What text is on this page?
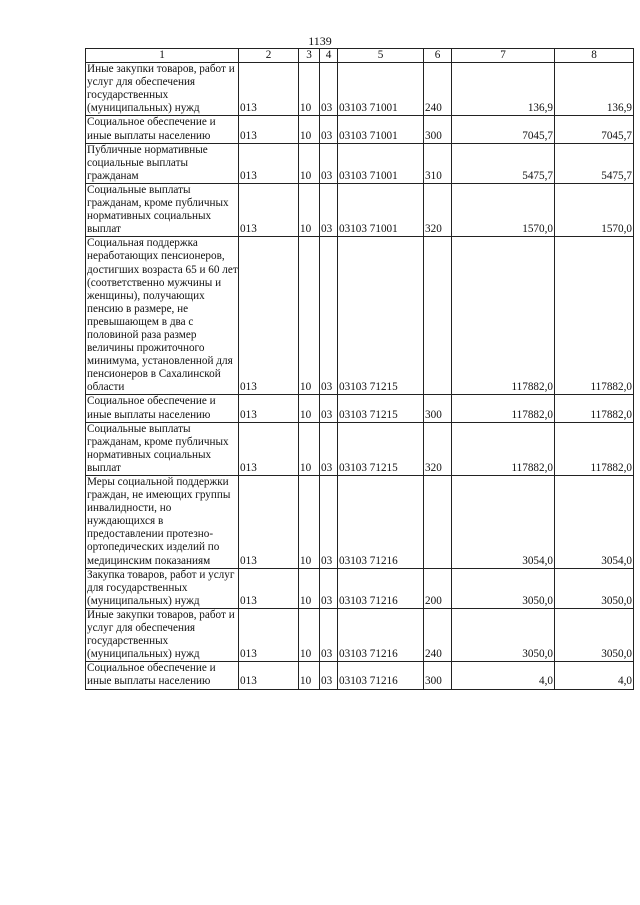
1139
1	2	3	4	5	6	7	8
Иные закупки товаров, работ и услуг для обеспечения государственных (муниципальных) нужд	013	10	03	03103 71001	240	136,9	136,9
Социальное обеспечение и иные выплаты населению	013	10	03	03103 71001	300	7045,7	7045,7
Публичные нормативные социальные выплаты гражданам	013	10	03	03103 71001	310	5475,7	5475,7
Социальные выплаты гражданам, кроме публичных нормативных социальных выплат	013	10	03	03103 71001	320	1570,0	1570,0
Социальная поддержка неработающих пенсионеров, достигших возраста 65 и 60 лет (соответственно мужчины и женщины), получающих пенсию в размере, не превышающем в два с половиной раза размер величины прожиточного минимума, установленной для пенсионеров в Сахалинской области	013	10	03	03103 71215		117882,0	117882,0
Социальное обеспечение и иные выплаты населению	013	10	03	03103 71215	300	117882,0	117882,0
Социальные выплаты гражданам, кроме публичных нормативных социальных выплат	013	10	03	03103 71215	320	117882,0	117882,0
Меры социальной поддержки граждан, не имеющих группы инвалидности, но нуждающихся в предоставлении протезно-ортопедических изделий по медицинским показаниям	013	10	03	03103 71216		3054,0	3054,0
Закупка товаров, работ и услуг для государственных (муниципальных) нужд	013	10	03	03103 71216	200	3050,0	3050,0
Иные закупки товаров, работ и услуг для обеспечения государственных (муниципальных) нужд	013	10	03	03103 71216	240	3050,0	3050,0
Социальное обеспечение и иные выплаты населению	013	10	03	03103 71216	300	4,0	4,0
